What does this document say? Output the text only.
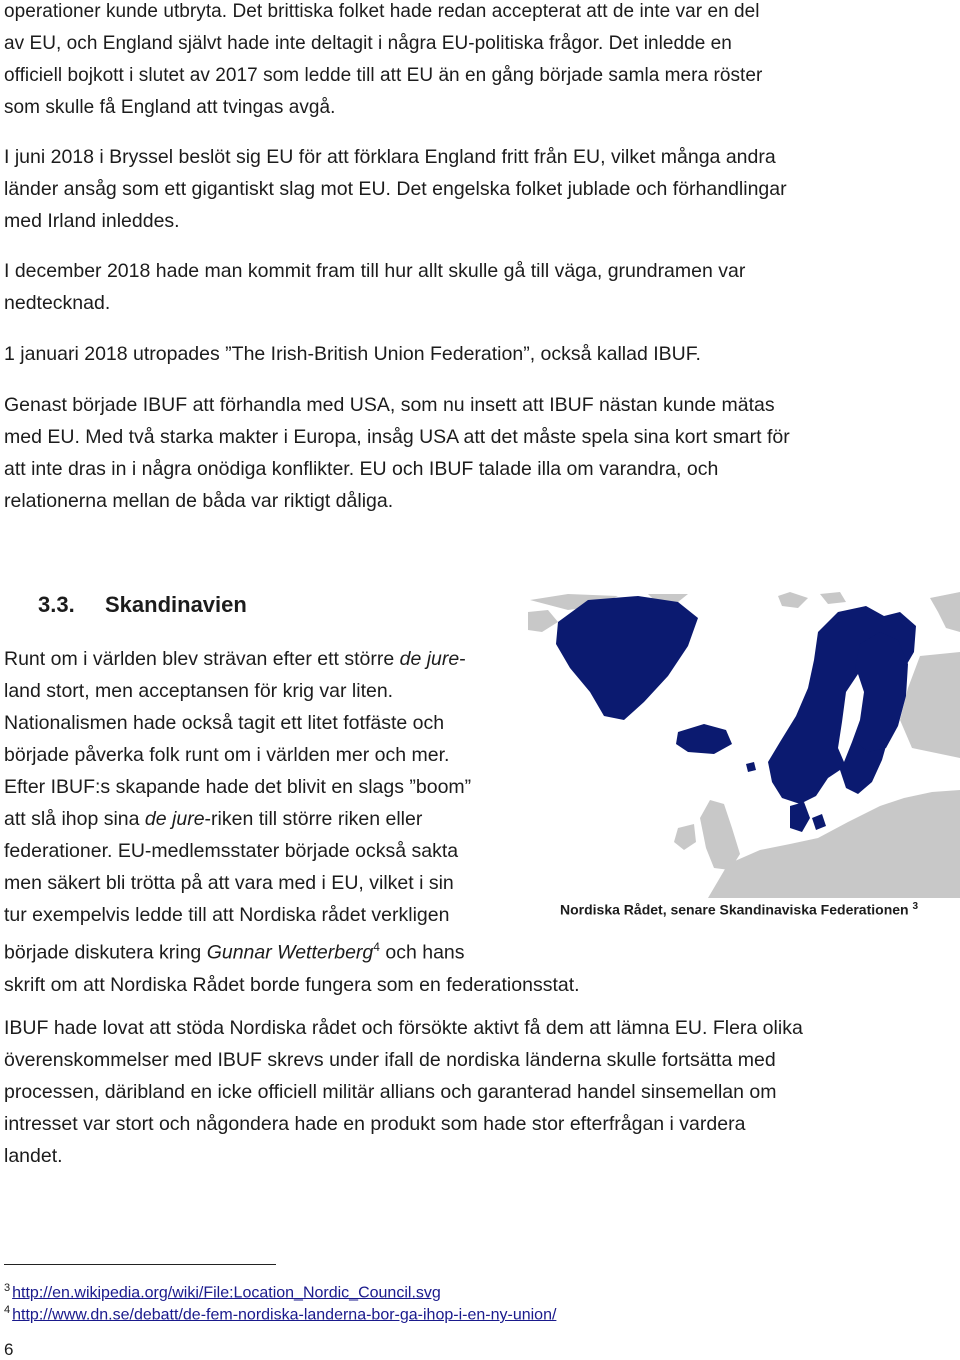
operationer kunde utbryta. Det brittiska folket hade redan accepterat att de inte var en del
av EU, och England självt hade inte deltagit i några EU-politiska frågor. Det inledde en
officiell bojkott i slutet av 2017 som ledde till att EU än en gång började samla mera röster
som skulle få England att tvingas avgå.
I juni 2018 i Bryssel beslöt sig EU för att förklara England fritt från EU, vilket många andra
länder ansåg som ett gigantiskt slag mot EU. Det engelska folket jublade och förhandlingar
med Irland inleddes.
I december 2018 hade man kommit fram till hur allt skulle gå till väga, grundramen var
nedtecknad.
1 januari 2018 utropades ”The Irish-British Union Federation”, också kallad IBUF.
Genast började IBUF att förhandla med USA, som nu insett att IBUF nästan kunde mätas
med EU. Med två starka makter i Europa, insåg USA att det måste spela sina kort smart för
att inte dras in i några onödiga konflikter. EU och IBUF talade illa om varandra, och
relationerna mellan de båda var riktigt dåliga.
3.3. Skandinavien
Nordiska Rådet, senare Skandinaviska Federationen $^3$
Runt om i världen blev strävan efter ett större de jure-
land stort, men acceptansen för krig var liten.
Nationalismen hade också tagit ett litet fotfäste och
började påverka folk runt om i världen mer och mer.
Efter IBUF:s skapande hade det blivit en slags ”boom”
att slå ihop sina de jure-riken till större riken eller
federationer. EU-medlemsstater började också sakta
men säkert bli trötta på att vara med i EU, vilket i sin
tur exempelvis ledde till att Nordiska rådet verkligen
började diskutera kring Gunnar Wetterberg$^4$ och hans
skrift om att Nordiska Rådet borde fungera som en federationsstat.
IBUF hade lovat att stöda Nordiska rådet och försökte aktivt få dem att lämna EU. Flera olika
överenskommelser med IBUF skrevs under ifall de nordiska länderna skulle fortsätta med
processen, däribland en icke officiell militär allians och garanterad handel sinsemellan om
intresset var stort och någondera hade en produkt som hade stor efterfrågan i vardera
landet.
$^3$ http://en.wikipedia.org/wiki/File:Location_Nordic_Council.svg
$^4$ http://www.dn.se/debatt/de-fem-nordiska-landerna-bor-ga-ihop-i-en-ny-union/
6
